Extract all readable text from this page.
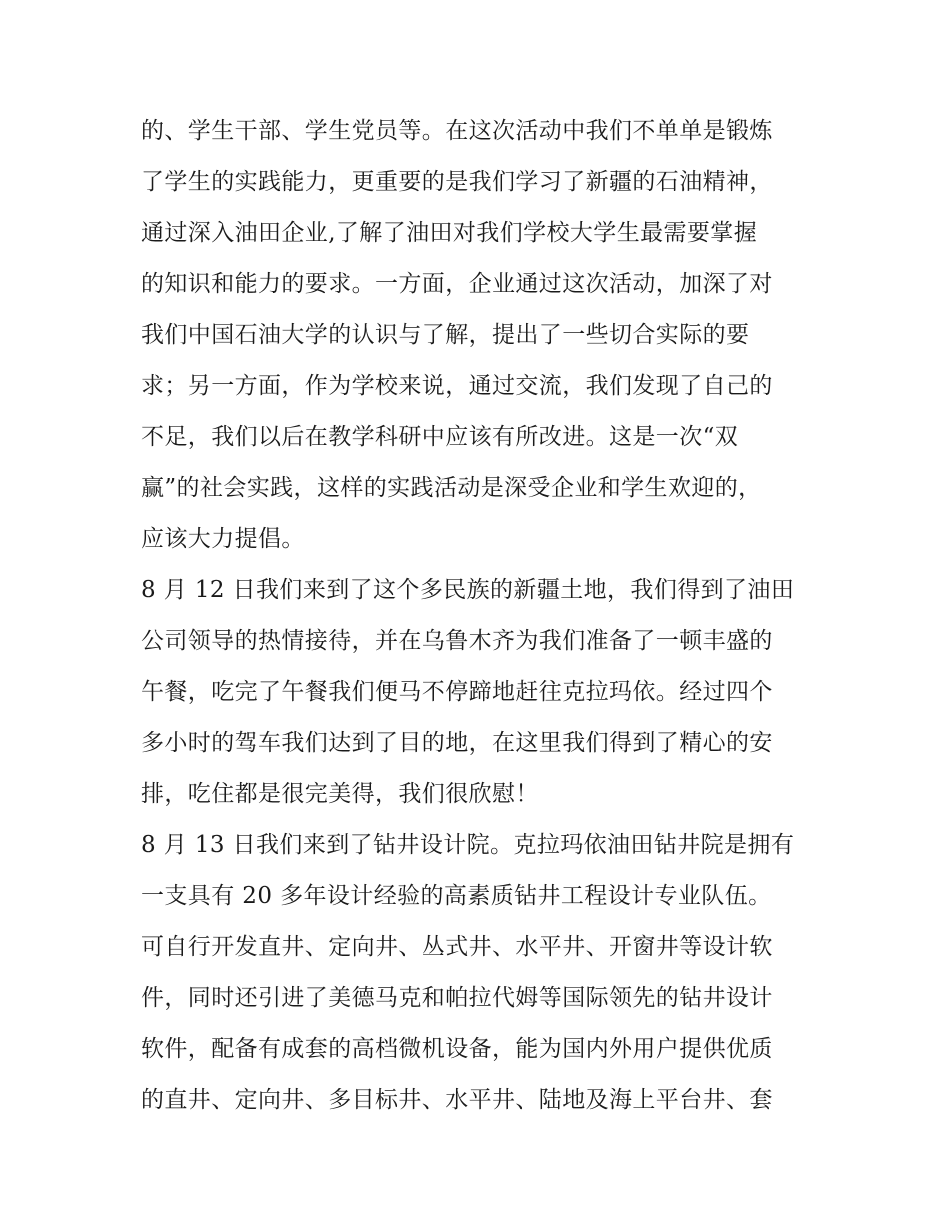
的、学生干部、学生党员等。在这次活动中我们不单单是锻炼
了学生的实践能力，更重要的是我们学习了新疆的石油精神，
通过深入油田企业,了解了油田对我们学校大学生最需要掌握
的知识和能力的要求。一方面，企业通过这次活动，加深了对
我们中国石油大学的认识与了解，提出了一些切合实际的要
求；另一方面，作为学校来说，通过交流，我们发现了自己的
不足，我们以后在教学科研中应该有所改进。这是一次“双
赢”的社会实践，这样的实践活动是深受企业和学生欢迎的，
应该大力提倡。
8 月 12 日我们来到了这个多民族的新疆土地，我们得到了油田
公司领导的热情接待，并在乌鲁木齐为我们准备了一顿丰盛的
午餐，吃完了午餐我们便马不停蹄地赶往克拉玛依。经过四个
多小时的驾车我们达到了目的地，在这里我们得到了精心的安
排，吃住都是很完美得，我们很欣慰！
8 月 13 日我们来到了钻井设计院。克拉玛依油田钻井院是拥有
一支具有 20 多年设计经验的高素质钻井工程设计专业队伍。
可自行开发直井、定向井、丛式井、水平井、开窗井等设计软
件，同时还引进了美德马克和帕拉代姆等国际领先的钻井设计
软件，配备有成套的高档微机设备，能为国内外用户提供优质
的直井、定向井、多目标井、水平井、陆地及海上平台井、套
